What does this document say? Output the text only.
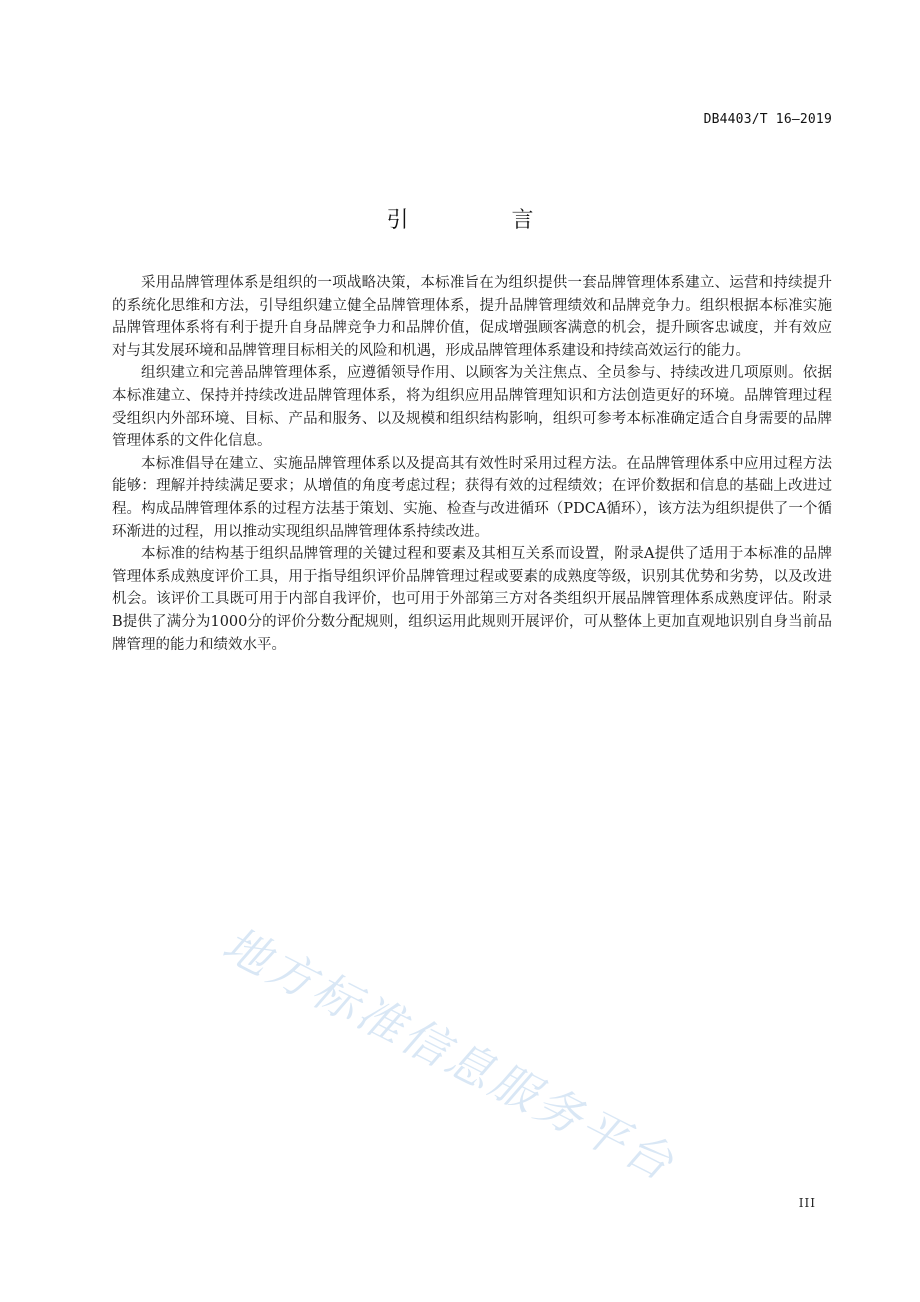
DB4403/T 16—2019
引 言

采用品牌管理体系是组织的一项战略决策，本标准旨在为组织提供一套品牌管理体系建立、运营和持续提升的系统化思维和方法，引导组织建立健全品牌管理体系，提升品牌管理绩效和品牌竞争力。组织根据本标准实施品牌管理体系将有利于提升自身品牌竞争力和品牌价值，促成增强顾客满意的机会，提升顾客忠诚度，并有效应对与其发展环境和品牌管理目标相关的风险和机遇，形成品牌管理体系建设和持续高效运行的能力。

组织建立和完善品牌管理体系，应遵循领导作用、以顾客为关注焦点、全员参与、持续改进几项原则。依据本标准建立、保持并持续改进品牌管理体系，将为组织应用品牌管理知识和方法创造更好的环境。品牌管理过程受组织内外部环境、目标、产品和服务、以及规模和组织结构影响，组织可参考本标准确定适合自身需要的品牌管理体系的文件化信息。

本标准倡导在建立、实施品牌管理体系以及提高其有效性时采用过程方法。在品牌管理体系中应用过程方法能够：理解并持续满足要求；从增值的角度考虑过程；获得有效的过程绩效；在评价数据和信息的基础上改进过程。构成品牌管理体系的过程方法基于策划、实施、检查与改进循环（PDCA循环），该方法为组织提供了一个循环渐进的过程，用以推动实现组织品牌管理体系持续改进。

本标准的结构基于组织品牌管理的关键过程和要素及其相互关系而设置，附录A提供了适用于本标准的品牌管理体系成熟度评价工具，用于指导组织评价品牌管理过程或要素的成熟度等级，识别其优势和劣势，以及改进机会。该评价工具既可用于内部自我评价，也可用于外部第三方对各类组织开展品牌管理体系成熟度评估。附录B提供了满分为1000分的评价分数分配规则，组织运用此规则开展评价，可从整体上更加直观地识别自身当前品牌管理的能力和绩效水平。

地方标准信息服务平台
III
